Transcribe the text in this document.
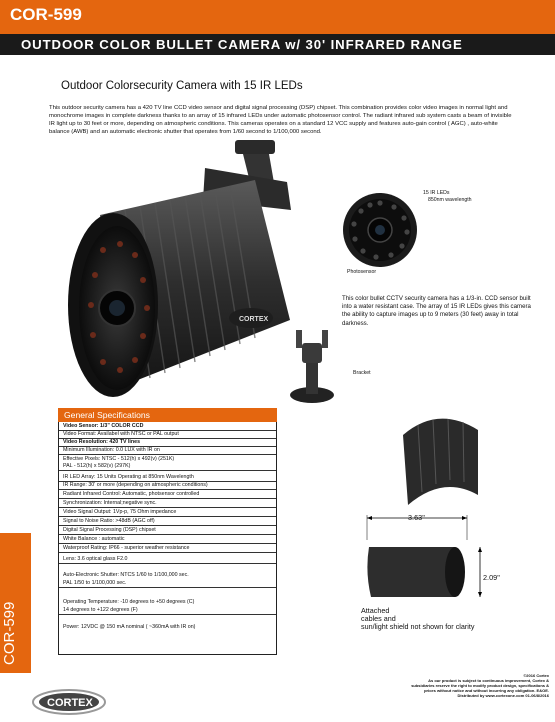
COR-599
OUTDOOR COLOR BULLET CAMERA w/ 30' INFRARED RANGE
Outdoor Colorsecurity Camera with 15 IR LEDs
This outdoor security camera has a 420 TV line CCD video sensor and digital signal processing (DSP) chipset. This combination provides color video images in normal light and monochrome images in complete darkness thanks to an array of 15 infrared LEDs under automatic photosensor control. The radiant infrared sub system casts a beam of invisible IR light up to 30 feet or more, depending on atmospheric conditions. This cameras operates on a standard 12 VCC supply and features auto-gain control ( AGC) , auto-white balance (AWB) and an automatic electronic shutter that operates from 1/60 second to 1/100,000 second.
CORTEX
15 IR LEDs
850nm wavelength
Photosensor
This color bullet CCTV security camera has a 1/3-in. CCD sensor built into a water resistant case. The array of 15 IR LEDs gives this camera the ability to capture images up to 9 meters (30 feet) away in total darkness.
Bracket
3.63"
2.09"
Attached
cables and
sun/light shield not shown for clarity
COR-599
General Specifications
Video Sensor: 1/3" COLOR CCD
Video Format: Availabel with NTSC or PAL output
Video Resolution: 420 TV lines
Minimum Illumination: 0.0 LUX with IR on
Effective Pixels: NTSC - 512(h) x 492(v) (251K)
PAL - 512(h) x 582(v) (297K)
IR LED Array: 15 Units Operating at 850nm Wavelength
IR Range: 30' or more (depending on atmospheric conditions)
Radiant Infrared Control: Automatic, photsensor controlled
Synchronization: Internal;negative sync.
Video Signal Output: 1Vp-p, 75 Ohm impedance
Signal to Noise Ratio: >48dB (AGC off)
Digital Signal Processing (DSP) chipset
White Balance : automatic
Waterproof Rating: IP66 - superior weather resistance
Lens: 3.6 optical glass F2.0
Auto-Electronic Shutter: NTCS 1/60 to 1/100,000 sec.
PAL 1/50 to 1/100,000 sec.
Operating Temperature: -10 degrees to +50 degrees (C)
14 degrees to +122 degrees (F)
Power: 12VDC @ 150 mA nominal ( ~360mA with IR on)
CORTEX
©2016 Cortex
As our product is subject to continuous improvement, Cortex &
subsidiaries reserve the right to modify product design, specifications &
prices without notice and without incurring any obligation. E&OE.
Distributed by www.cortexone.com 01-06/8/2016
